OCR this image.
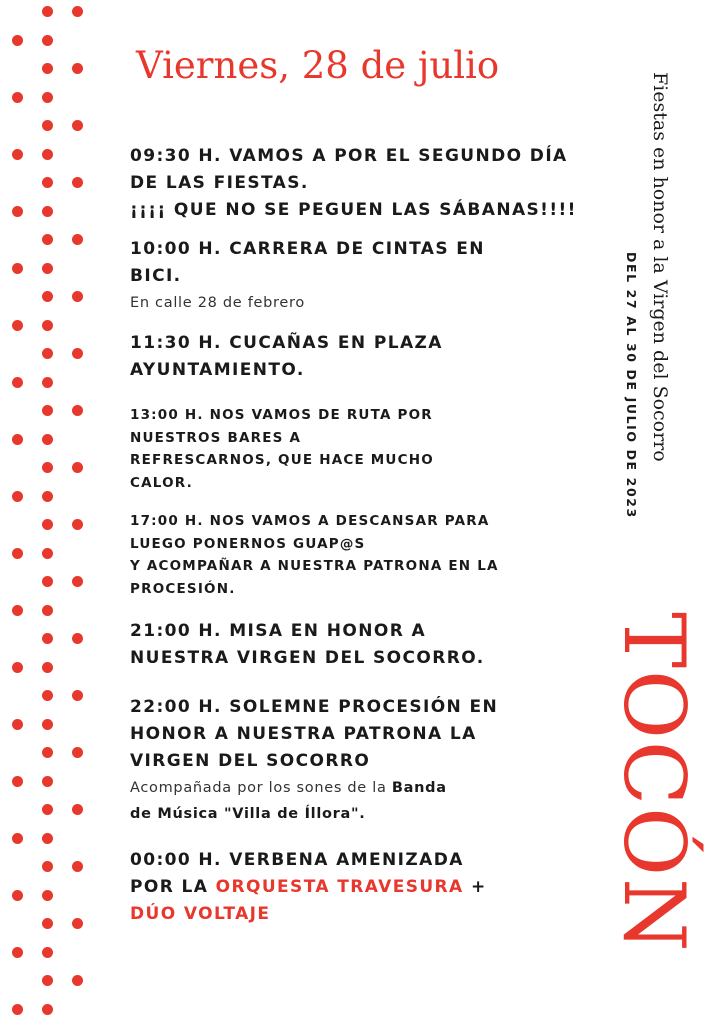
Viernes, 28 de julio
09:30 H. VAMOS A POR EL SEGUNDO DÍA
DE LAS FIESTAS.
¡¡¡¡ QUE NO SE PEGUEN LAS SÁBANAS!!!!
10:00 H. CARRERA DE CINTAS EN
BICI.
En calle 28 de febrero
11:30 H. CUCAÑAS EN PLAZA
AYUNTAMIENTO.
13:00 H. NOS VAMOS DE RUTA POR
NUESTROS BARES A
REFRESCARNOS, QUE HACE MUCHO
CALOR.
17:00 H. NOS VAMOS A DESCANSAR PARA
LUEGO PONERNOS GUAP@S
Y ACOMPAÑAR A NUESTRA PATRONA EN LA
PROCESIÓN.
21:00 H. MISA EN HONOR A
NUESTRA VIRGEN DEL SOCORRO.
22:00 H. SOLEMNE PROCESIÓN EN
HONOR A NUESTRA PATRONA LA
VIRGEN DEL SOCORRO
Acompañada por los sones de la Banda
de Música "Villa de Íllora".
00:00 H. VERBENA AMENIZADA
POR LA ORQUESTA TRAVESURA +
DÚO VOLTAJE
Fiestas en honor a la Virgen del Socorro
DEL 27 AL 30 DE JULIO DE 2023
TOCÓN
